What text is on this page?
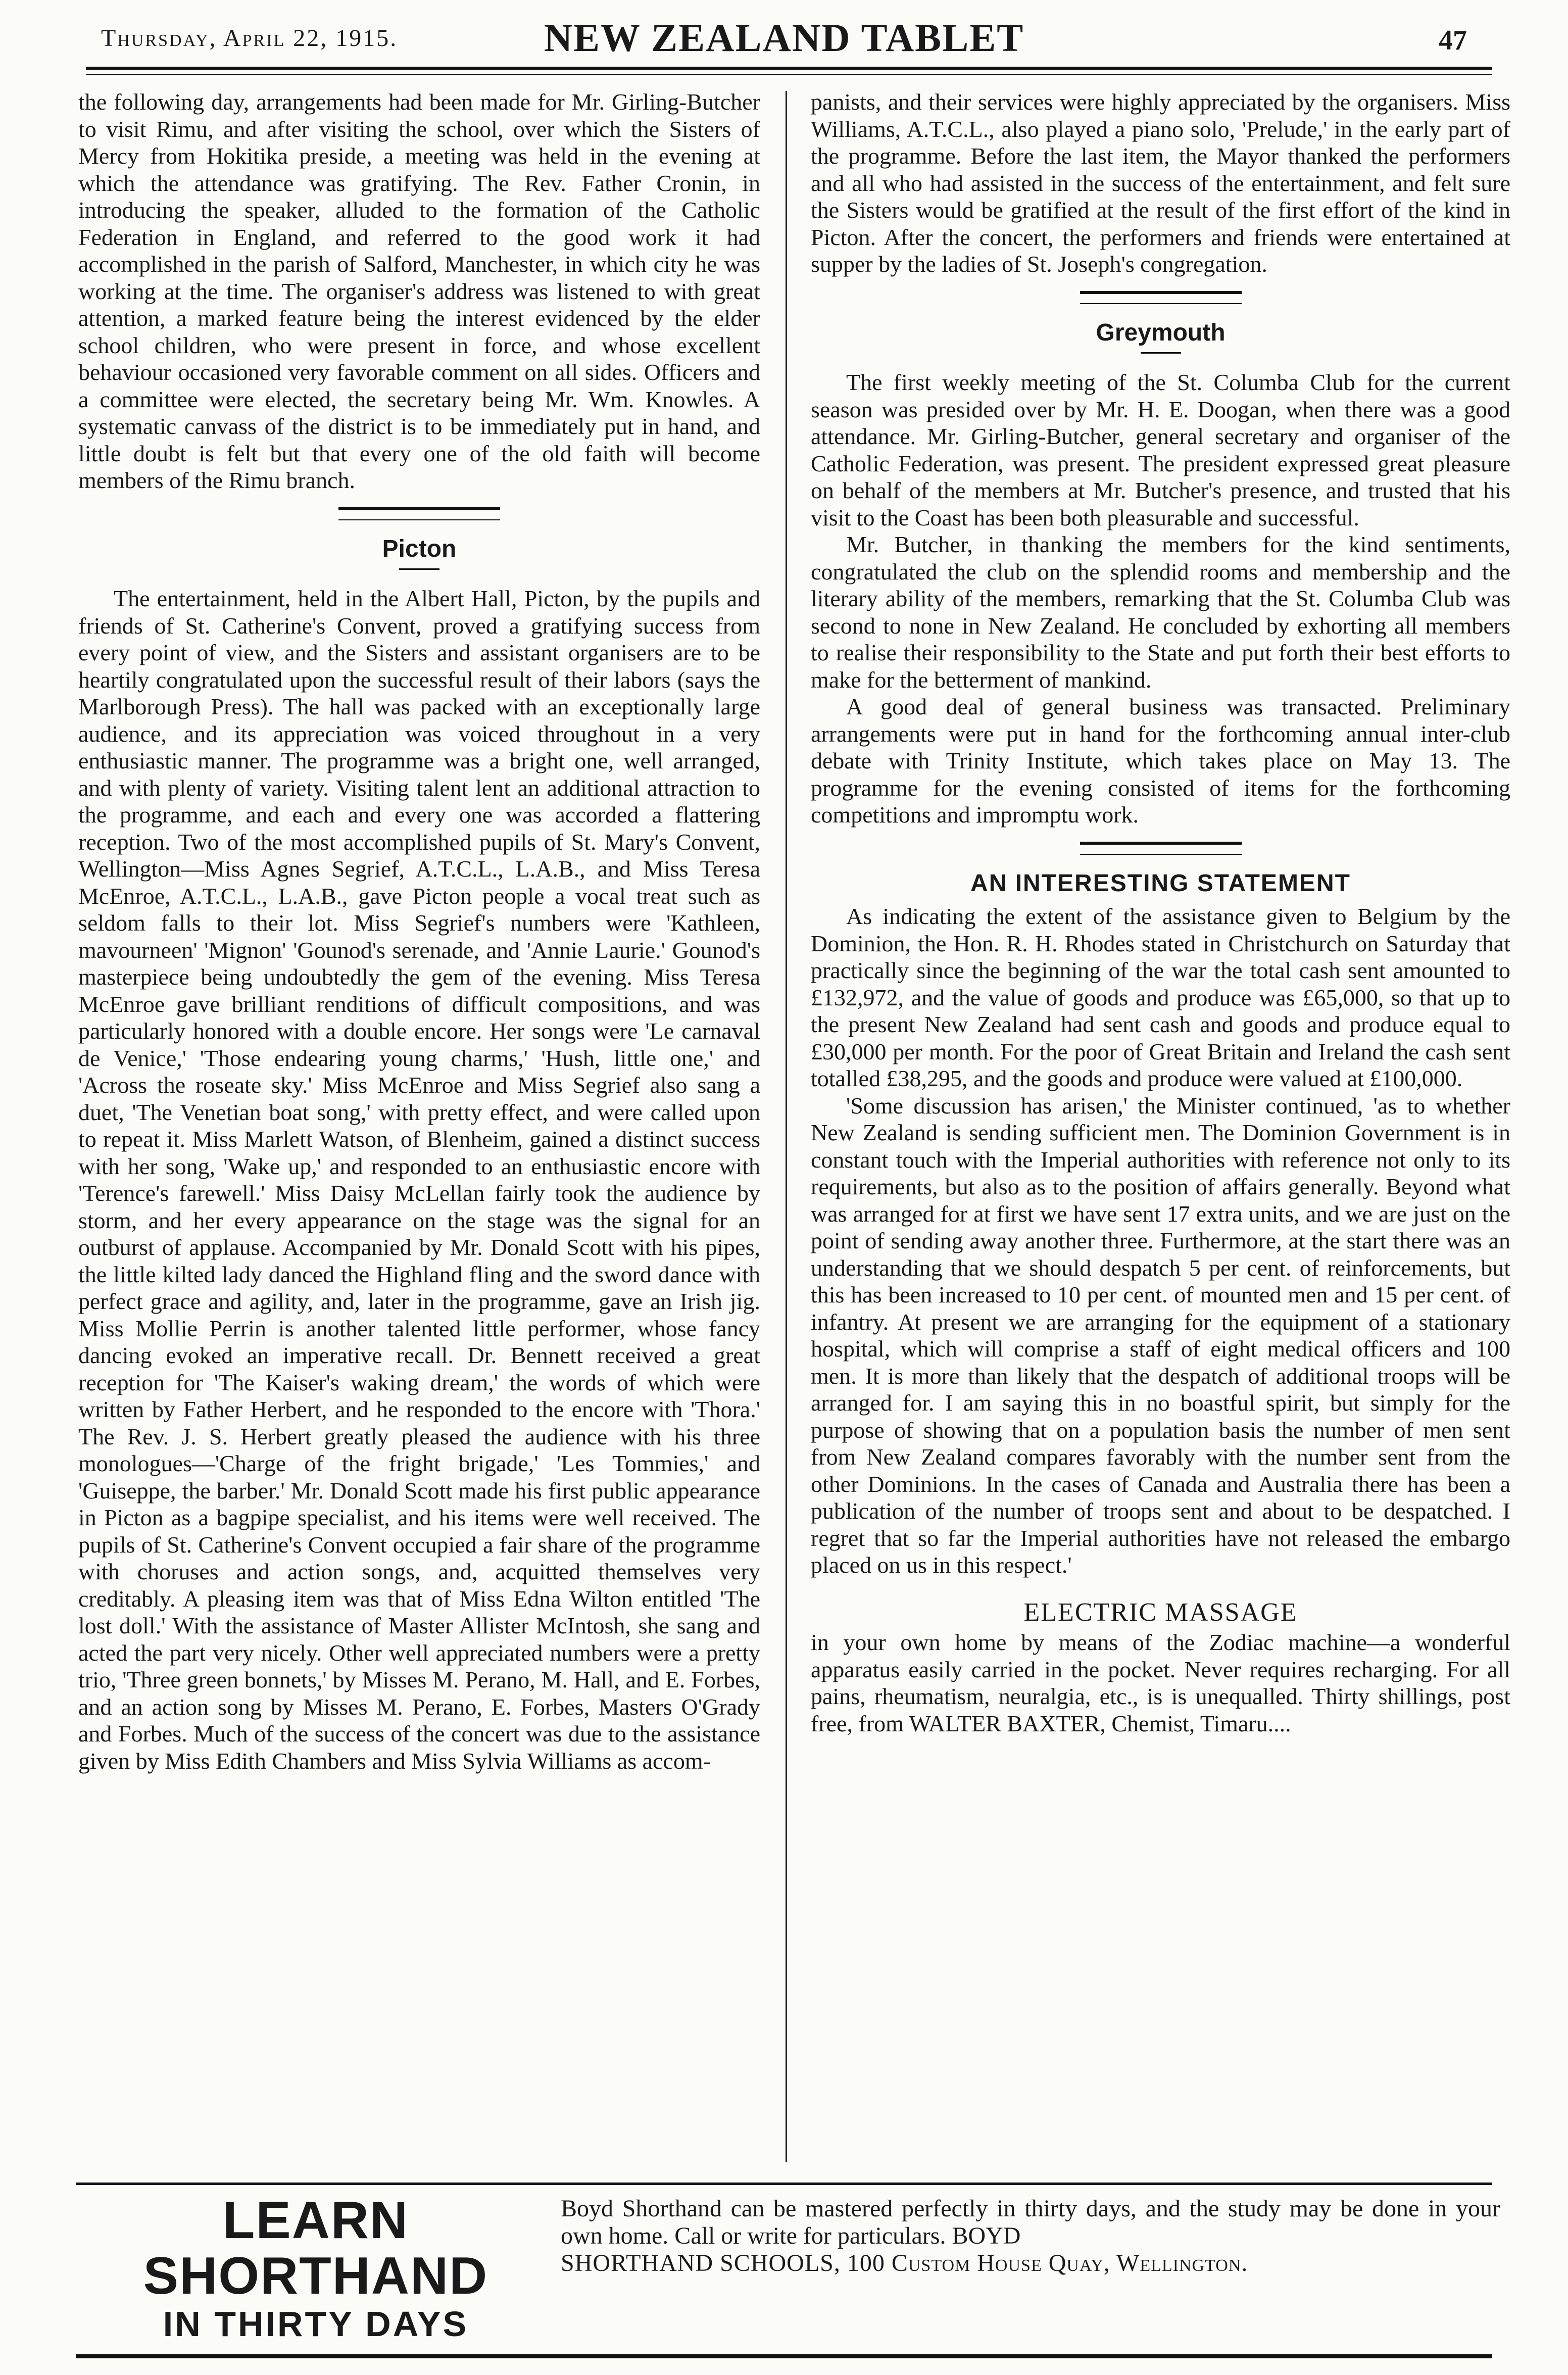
Thursday, April 22, 1915.	NEW ZEALAND TABLET	47

the following day, arrangements had been made for Mr. Girling-Butcher to visit Rimu, and after visiting the school, over which the Sisters of Mercy from Hokitika preside, a meeting was held in the evening at which the attendance was gratifying. The Rev. Father Cronin, in introducing the speaker, alluded to the formation of the Catholic Federation in England, and referred to the good work it had accomplished in the parish of Salford, Manchester, in which city he was working at the time. The organiser's address was listened to with great attention, a marked feature being the interest evidenced by the elder school children, who were present in force, and whose excellent behaviour occasioned very favorable comment on all sides. Officers and a committee were elected, the secretary being Mr. Wm. Knowles. A systematic canvass of the district is to be immediately put in hand, and little doubt is felt but that every one of the old faith will become members of the Rimu branch.

Picton

The entertainment, held in the Albert Hall, Picton, by the pupils and friends of St. Catherine's Convent, proved a gratifying success from every point of view, and the Sisters and assistant organisers are to be heartily congratulated upon the successful result of their labors (says the Marlborough Press). The hall was packed with an exceptionally large audience, and its appreciation was voiced throughout in a very enthusiastic manner. The programme was a bright one, well arranged, and with plenty of variety. Visiting talent lent an additional attraction to the programme, and each and every one was accorded a flattering reception. Two of the most accomplished pupils of St. Mary's Convent, Wellington—Miss Agnes Segrief, A.T.C.L., L.A.B., and Miss Teresa McEnroe, A.T.C.L., L.A.B., gave Picton people a vocal treat such as seldom falls to their lot. Miss Segrief's numbers were 'Kathleen, mavourneen' 'Mignon' 'Gounod's serenade, and 'Annie Laurie.' Gounod's masterpiece being undoubtedly the gem of the evening. Miss Teresa McEnroe gave brilliant renditions of difficult compositions, and was particularly honored with a double encore. Her songs were 'Le carnaval de Venice,' 'Those endearing young charms,' 'Hush, little one,' and 'Across the roseate sky.' Miss McEnroe and Miss Segrief also sang a duet, 'The Venetian boat song,' with pretty effect, and were called upon to repeat it. Miss Marlett Watson, of Blenheim, gained a distinct success with her song, 'Wake up,' and responded to an enthusiastic encore with 'Terence's farewell.' Miss Daisy McLellan fairly took the audience by storm, and her every appearance on the stage was the signal for an outburst of applause. Accompanied by Mr. Donald Scott with his pipes, the little kilted lady danced the Highland fling and the sword dance with perfect grace and agility, and, later in the programme, gave an Irish jig. Miss Mollie Perrin is another talented little performer, whose fancy dancing evoked an imperative recall. Dr. Bennett received a great reception for 'The Kaiser's waking dream,' the words of which were written by Father Herbert, and he responded to the encore with 'Thora.' The Rev. J. S. Herbert greatly pleased the audience with his three monologues—'Charge of the fright brigade,' 'Les Tommies,' and 'Guiseppe, the barber.' Mr. Donald Scott made his first public appearance in Picton as a bagpipe specialist, and his items were well received. The pupils of St. Catherine's Convent occupied a fair share of the programme with choruses and action songs, and, acquitted themselves very creditably. A pleasing item was that of Miss Edna Wilton entitled 'The lost doll.' With the assistance of Master Allister McIntosh, she sang and acted the part very nicely. Other well appreciated numbers were a pretty trio, 'Three green bonnets,' by Misses M. Perano, M. Hall, and E. Forbes, and an action song by Misses M. Perano, E. Forbes, Masters O'Grady and Forbes. Much of the success of the concert was due to the assistance given by Miss Edith Chambers and Miss Sylvia Williams as accom-

panists, and their services were highly appreciated by the organisers. Miss Williams, A.T.C.L., also played a piano solo, 'Prelude,' in the early part of the programme. Before the last item, the Mayor thanked the performers and all who had assisted in the success of the entertainment, and felt sure the Sisters would be gratified at the result of the first effort of the kind in Picton. After the concert, the performers and friends were entertained at supper by the ladies of St. Joseph's congregation.

Greymouth

The first weekly meeting of the St. Columba Club for the current season was presided over by Mr. H. E. Doogan, when there was a good attendance. Mr. Girling-Butcher, general secretary and organiser of the Catholic Federation, was present. The president expressed great pleasure on behalf of the members at Mr. Butcher's presence, and trusted that his visit to the Coast has been both pleasurable and successful.

Mr. Butcher, in thanking the members for the kind sentiments, congratulated the club on the splendid rooms and membership and the literary ability of the members, remarking that the St. Columba Club was second to none in New Zealand. He concluded by exhorting all members to realise their responsibility to the State and put forth their best efforts to make for the betterment of mankind.

A good deal of general business was transacted. Preliminary arrangements were put in hand for the forthcoming annual inter-club debate with Trinity Institute, which takes place on May 13. The programme for the evening consisted of items for the forthcoming competitions and impromptu work.

AN INTERESTING STATEMENT

As indicating the extent of the assistance given to Belgium by the Dominion, the Hon. R. H. Rhodes stated in Christchurch on Saturday that practically since the beginning of the war the total cash sent amounted to £132,972, and the value of goods and produce was £65,000, so that up to the present New Zealand had sent cash and goods and produce equal to £30,000 per month. For the poor of Great Britain and Ireland the cash sent totalled £38,295, and the goods and produce were valued at £100,000.

'Some discussion has arisen,' the Minister continued, 'as to whether New Zealand is sending sufficient men. The Dominion Government is in constant touch with the Imperial authorities with reference not only to its requirements, but also as to the position of affairs generally. Beyond what was arranged for at first we have sent 17 extra units, and we are just on the point of sending away another three. Furthermore, at the start there was an understanding that we should despatch 5 per cent. of reinforcements, but this has been increased to 10 per cent. of mounted men and 15 per cent. of infantry. At present we are arranging for the equipment of a stationary hospital, which will comprise a staff of eight medical officers and 100 men. It is more than likely that the despatch of additional troops will be arranged for. I am saying this in no boastful spirit, but simply for the purpose of showing that on a population basis the number of men sent from New Zealand compares favorably with the number sent from the other Dominions. In the cases of Canada and Australia there has been a publication of the number of troops sent and about to be despatched. I regret that so far the Imperial authorities have not released the embargo placed on us in this respect.'

ELECTRIC MASSAGE

in your own home by means of the Zodiac machine—a wonderful apparatus easily carried in the pocket. Never requires recharging. For all pains, rheumatism, neuralgia, etc., is is unequalled. Thirty shillings, post free, from WALTER BAXTER, Chemist, Timaru....

LEARN SHORTHAND
IN THIRTY DAYS
Boyd Shorthand can be mastered perfectly in thirty days, and the study may be done in your own home. Call or write for particulars. BOYD
SHORTHAND SCHOOLS, 100 Custom House Quay, Wellington.
